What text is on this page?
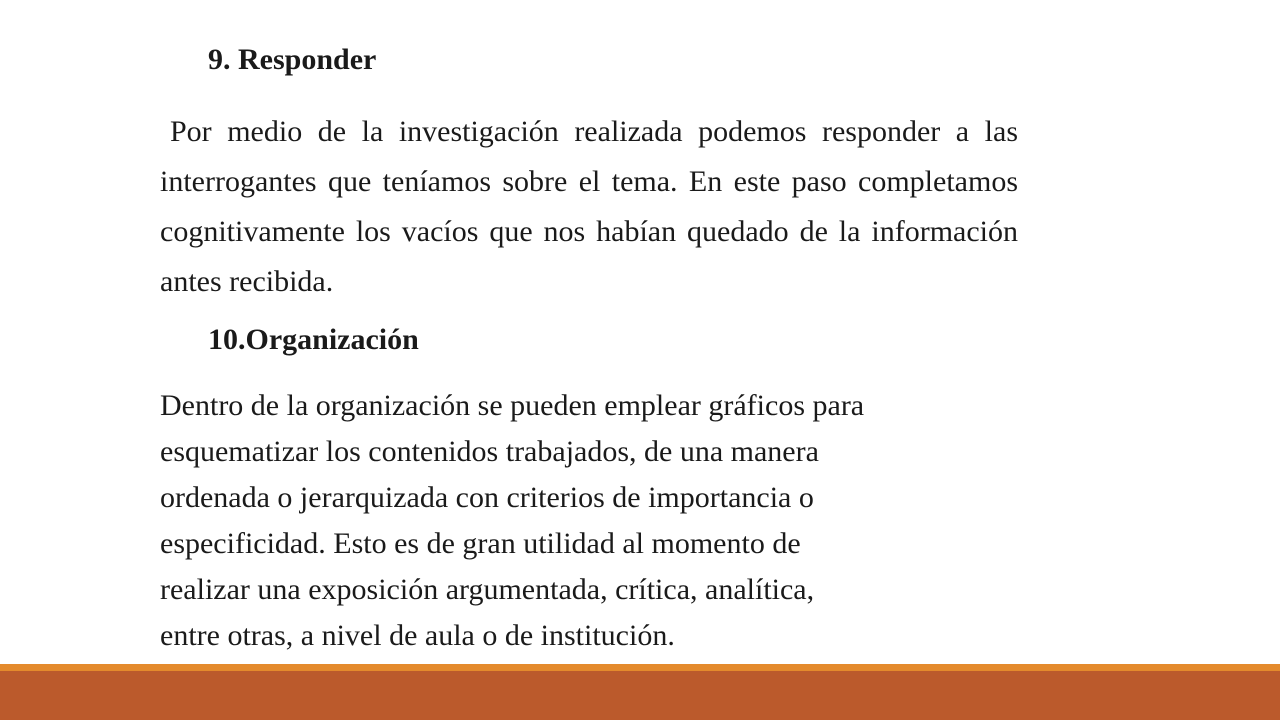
9. Responder

Por medio de la investigación realizada podemos responder a las interrogantes que teníamos sobre el tema. En este paso completamos cognitivamente los vacíos que nos habían quedado de la información antes recibida.

10.Organización

Dentro de la organización se pueden emplear gráficos para
esquematizar los contenidos trabajados, de una manera
ordenada o jerarquizada con criterios de importancia o
especificidad. Esto es de gran utilidad al momento de
realizar una exposición argumentada, crítica, analítica,
entre otras, a nivel de aula o de institución.
